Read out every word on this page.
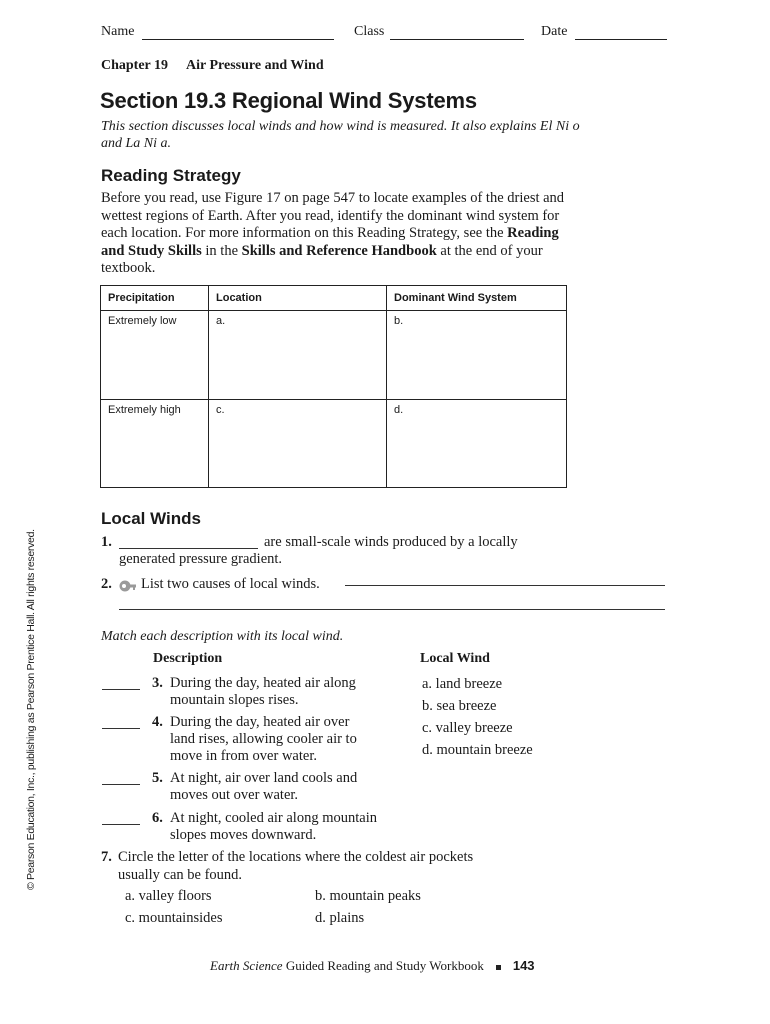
Name	Class	Date
Chapter 19 Air Pressure and Wind
Section 19.3 Regional Wind Systems
This section discusses local winds and how wind is measured. It also explains El Ni o and La Ni a.
Reading Strategy
Before you read, use Figure 17 on page 547 to locate examples of the driest and wettest regions of Earth. After you read, identify the dominant wind system for each location. For more information on this Reading Strategy, see the Reading and Study Skills in the Skills and Reference Handbook at the end of your textbook.
Precipitation	Location	Dominant Wind System
Extremely low	a.	b.
Extremely high	c.	d.
Local Winds
1.	are small-scale winds produced by a locally
generated pressure gradient.
2. List two causes of local winds.
Match each description with its local wind.
Description	Local Wind
3. During the day, heated air along
mountain slopes rises.
4. During the day, heated air over
land rises, allowing cooler air to
move in from over water.
5. At night, air over land cools and
moves out over water.
6. At night, cooled air along mountain
slopes moves downward.
a. land breeze
b. sea breeze
c. valley breeze
d. mountain breeze
7. Circle the letter of the locations where the coldest air pockets
usually can be found.
a. valley floors	b. mountain peaks
c. mountainsides	d. plains
© Pearson Education, Inc., publishing as Pearson Prentice Hall. All rights reserved.
Earth Science Guided Reading and Study Workbook 143
